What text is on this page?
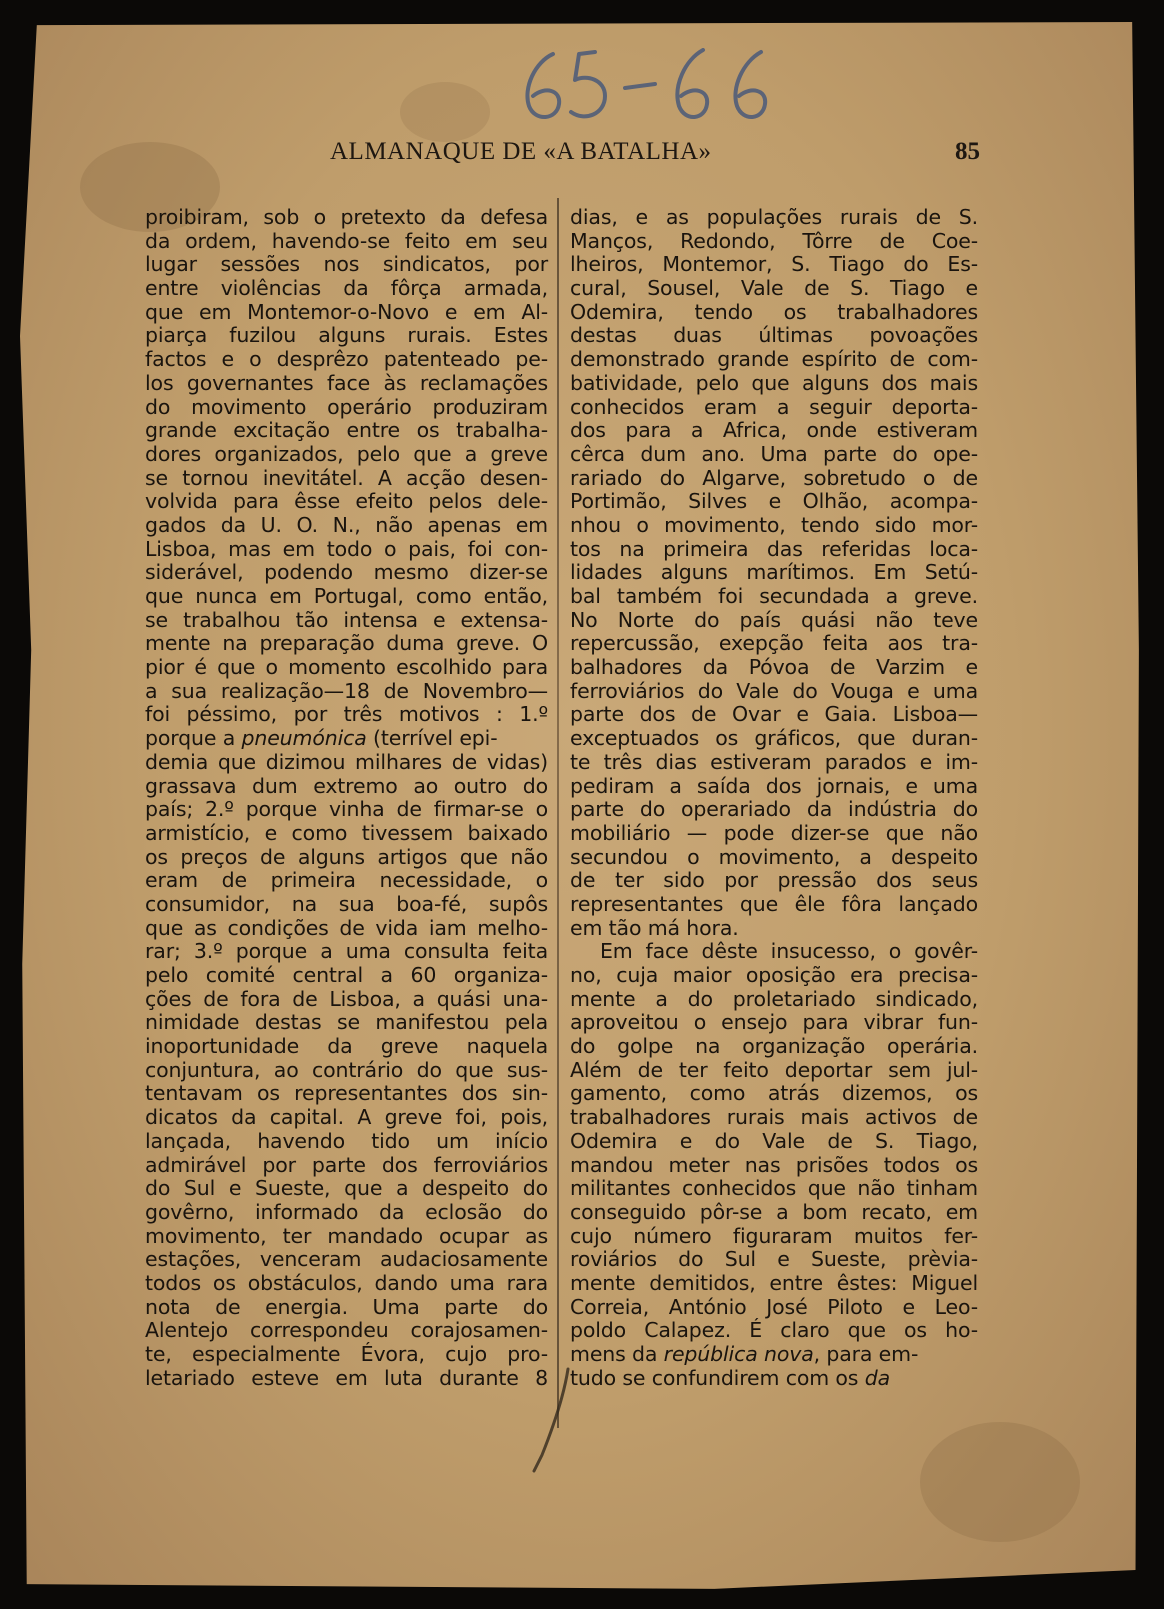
ALMANAQUE DE «A BATALHA»	85
proibiram, sob o pretexto da defesa
da ordem, havendo-se feito em seu
lugar sessões nos sindicatos, por
entre violências da fôrça armada,
que em Montemor-o-Novo e em Al-
piarça fuzilou alguns rurais. Estes
factos e o desprêzo patenteado pe-
los governantes face às reclamações
do movimento operário produziram
grande excitação entre os trabalha-
dores organizados, pelo que a greve
se tornou inevitátel. A acção desen-
volvida para êsse efeito pelos dele-
gados da U. O. N., não apenas em
Lisboa, mas em todo o pais, foi con-
siderável, podendo mesmo dizer-se
que nunca em Portugal, como então,
se trabalhou tão intensa e extensa-
mente na preparação duma greve. O
pior é que o momento escolhido para
a sua realização—18 de Novembro—
foi péssimo, por três motivos : 1.º
porque a pneumónica (terrível epi-
demia que dizimou milhares de vidas)
grassava dum extremo ao outro do
país; 2.º porque vinha de firmar-se o
armistício, e como tivessem baixado
os preços de alguns artigos que não
eram de primeira necessidade, o
consumidor, na sua boa-fé, supôs
que as condições de vida iam melho-
rar; 3.º porque a uma consulta feita
pelo comité central a 60 organiza-
ções de fora de Lisboa, a quási una-
nimidade destas se manifestou pela
inoportunidade da greve naquela
conjuntura, ao contrário do que sus-
tentavam os representantes dos sin-
dicatos da capital. A greve foi, pois,
lançada, havendo tido um início
admirável por parte dos ferroviários
do Sul e Sueste, que a despeito do
govêrno, informado da eclosão do
movimento, ter mandado ocupar as
estações, venceram audaciosamente
todos os obstáculos, dando uma rara
nota de energia. Uma parte do
Alentejo correspondeu corajosamen-
te, especialmente Évora, cujo pro-
letariado esteve em luta durante 8
dias, e as populações rurais de S.
Manços, Redondo, Tôrre de Coe-
lheiros, Montemor, S. Tiago do Es-
cural, Sousel, Vale de S. Tiago e
Odemira, tendo os trabalhadores
destas duas últimas povoações
demonstrado grande espírito de com-
batividade, pelo que alguns dos mais
conhecidos eram a seguir deporta-
dos para a Africa, onde estiveram
cêrca dum ano. Uma parte do ope-
rariado do Algarve, sobretudo o de
Portimão, Silves e Olhão, acompa-
nhou o movimento, tendo sido mor-
tos na primeira das referidas loca-
lidades alguns marítimos. Em Setú-
bal também foi secundada a greve.
No Norte do país quási não teve
repercussão, exepção feita aos tra-
balhadores da Póvoa de Varzim e
ferroviários do Vale do Vouga e uma
parte dos de Ovar e Gaia. Lisboa—
exceptuados os gráficos, que duran-
te três dias estiveram parados e im-
pediram a saída dos jornais, e uma
parte do operariado da indústria do
mobiliário — pode dizer-se que não
secundou o movimento, a despeito
de ter sido por pressão dos seus
representantes que êle fôra lançado
em tão má hora.
Em face dêste insucesso, o govêr-
no, cuja maior oposição era precisa-
mente a do proletariado sindicado,
aproveitou o ensejo para vibrar fun-
do golpe na organização operária.
Além de ter feito deportar sem jul-
gamento, como atrás dizemos, os
trabalhadores rurais mais activos de
Odemira e do Vale de S. Tiago,
mandou meter nas prisões todos os
militantes conhecidos que não tinham
conseguido pôr-se a bom recato, em
cujo número figuraram muitos fer-
roviários do Sul e Sueste, prèvia-
mente demitidos, entre êstes: Miguel
Correia, António José Piloto e Leo-
poldo Calapez. É claro que os ho-
mens da república nova, para em-
tudo se confundirem com os da
